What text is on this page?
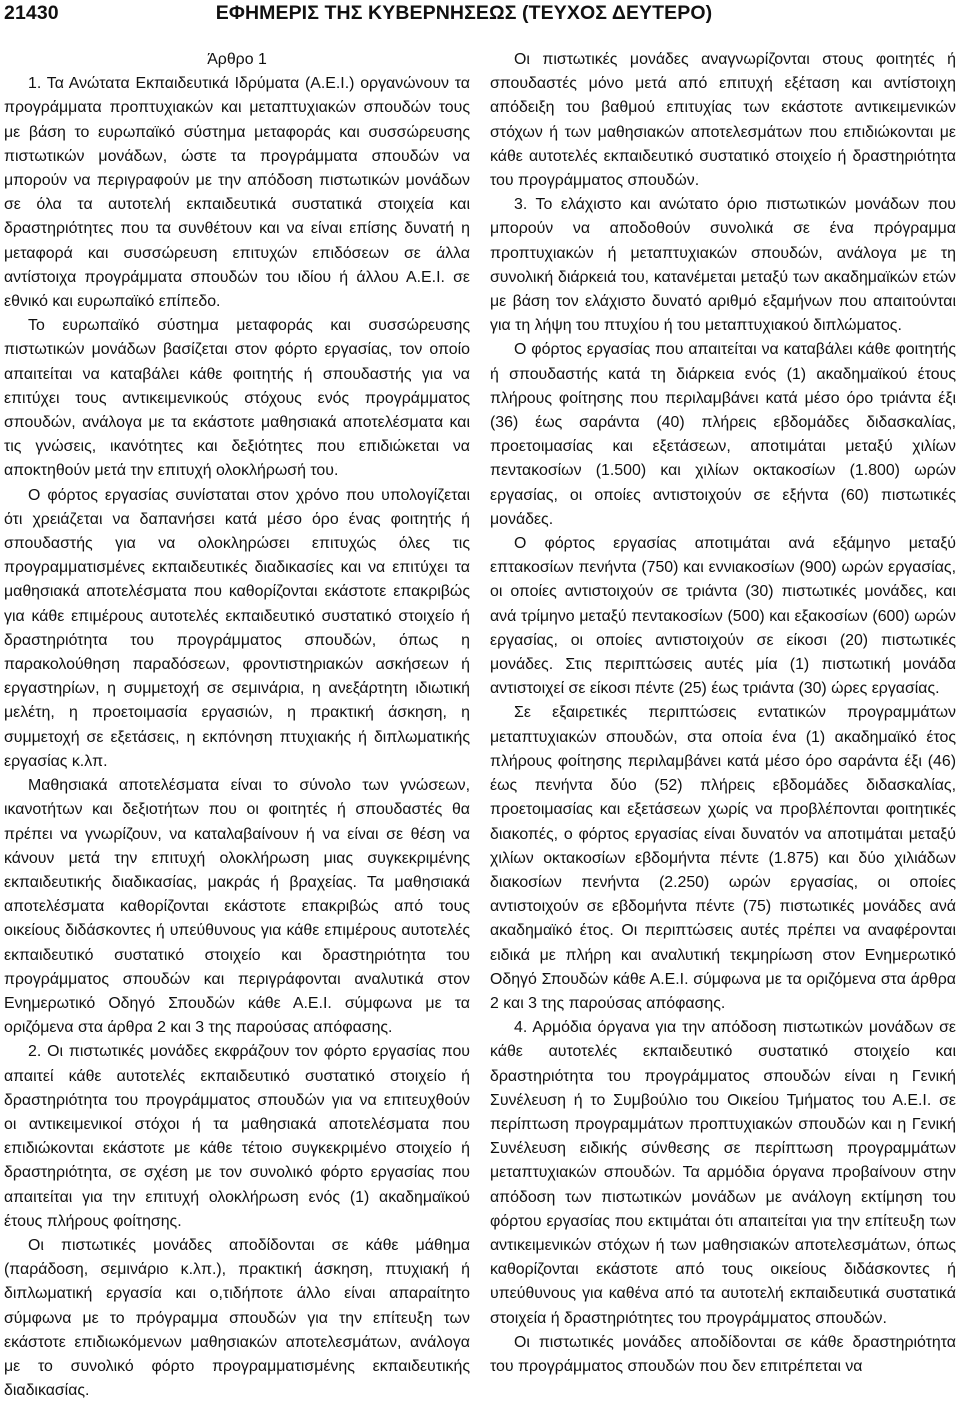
21430	ΕΦΗΜΕΡΙΣ ΤΗΣ ΚΥΒΕΡΝΗΣΕΩΣ (ΤΕΥΧΟΣ ΔΕΥΤΕΡΟ)
Άρθρο 1

1. Τα Ανώτατα Εκπαιδευτικά Ιδρύματα (Α.Ε.Ι.) οργανώνουν τα προγράμματα προπτυχιακών και μεταπτυχιακών σπουδών τους με βάση το ευρωπαϊκό σύστημα μεταφοράς και συσσώρευσης πιστωτικών μονάδων, ώστε τα προγράμματα σπουδών να μπορούν να περιγραφούν με την απόδοση πιστωτικών μονάδων σε όλα τα αυτοτελή εκπαιδευτικά συστατικά στοιχεία και δραστηριότητες που τα συνθέτουν και να είναι επίσης δυνατή η μεταφορά και συσσώρευση επιτυχών επιδόσεων σε άλλα αντίστοιχα προγράμματα σπουδών του ιδίου ή άλλου Α.Ε.Ι. σε εθνικό και ευρωπαϊκό επίπεδο.

Το ευρωπαϊκό σύστημα μεταφοράς και συσσώρευσης πιστωτικών μονάδων βασίζεται στον φόρτο εργασίας, τον οποίο απαιτείται να καταβάλει κάθε φοιτητής ή σπουδαστής για να επιτύχει τους αντικειμενικούς στόχους ενός προγράμματος σπουδών, ανάλογα με τα εκάστοτε μαθησιακά αποτελέσματα και τις γνώσεις, ικανότητες και δεξιότητες που επιδιώκεται να αποκτηθούν μετά την επιτυχή ολοκλήρωσή του.

Ο φόρτος εργασίας συνίσταται στον χρόνο που υπολογίζεται ότι χρειάζεται να δαπανήσει κατά μέσο όρο ένας φοιτητής ή σπουδαστής για να ολοκληρώσει επιτυχώς όλες τις προγραμματισμένες εκπαιδευτικές διαδικασίες και να επιτύχει τα μαθησιακά αποτελέσματα που καθορίζονται εκάστοτε επακριβώς για κάθε επιμέρους αυτοτελές εκπαιδευτικό συστατικό στοιχείο ή δραστηριότητα του προγράμματος σπουδών, όπως η παρακολούθηση παραδόσεων, φροντιστηριακών ασκήσεων ή εργαστηρίων, η συμμετοχή σε σεμινάρια, η ανεξάρτητη ιδιωτική μελέτη, η προετοιμασία εργασιών, η πρακτική άσκηση, η συμμετοχή σε εξετάσεις, η εκπόνηση πτυχιακής ή διπλωματικής εργασίας κ.λπ.

Μαθησιακά αποτελέσματα είναι το σύνολο των γνώσεων, ικανοτήτων και δεξιοτήτων που οι φοιτητές ή σπουδαστές θα πρέπει να γνωρίζουν, να καταλαβαίνουν ή να είναι σε θέση να κάνουν μετά την επιτυχή ολοκλήρωση μιας συγκεκριμένης εκπαιδευτικής διαδικασίας, μακράς ή βραχείας. Τα μαθησιακά αποτελέσματα καθορίζονται εκάστοτε επακριβώς από τους οικείους διδάσκοντες ή υπεύθυνους για κάθε επιμέρους αυτοτελές εκπαιδευτικό συστατικό στοιχείο και δραστηριότητα του προγράμματος σπουδών και περιγράφονται αναλυτικά στον Ενημερωτικό Οδηγό Σπουδών κάθε Α.Ε.Ι. σύμφωνα με τα οριζόμενα στα άρθρα 2 και 3 της παρούσας απόφασης.

2. Οι πιστωτικές μονάδες εκφράζουν τον φόρτο εργασίας που απαιτεί κάθε αυτοτελές εκπαιδευτικό συστατικό στοιχείο ή δραστηριότητα του προγράμματος σπουδών για να επιτευχθούν οι αντικειμενικοί στόχοι ή τα μαθησιακά αποτελέσματα που επιδιώκονται εκάστοτε με κάθε τέτοιο συγκεκριμένο στοιχείο ή δραστηριότητα, σε σχέση με τον συνολικό φόρτο εργασίας που απαιτείται για την επιτυχή ολοκλήρωση ενός (1) ακαδημαϊκού έτους πλήρους φοίτησης.

Οι πιστωτικές μονάδες αποδίδονται σε κάθε μάθημα (παράδοση, σεμινάριο κ.λπ.), πρακτική άσκηση, πτυχιακή ή διπλωματική εργασία και ο,τιδήποτε άλλο είναι απαραίτητο σύμφωνα με το πρόγραμμα σπουδών για την επίτευξη των εκάστοτε επιδιωκόμενων μαθησιακών αποτελεσμάτων, ανάλογα με το συνολικό φόρτο προγραμματισμένης εκπαιδευτικής διαδικασίας.

Οι πιστωτικές μονάδες αναγνωρίζονται στους φοιτητές ή σπουδαστές μόνο μετά από επιτυχή εξέταση και αντίστοιχη απόδειξη του βαθμού επιτυχίας των εκάστοτε αντικειμενικών στόχων ή των μαθησιακών αποτελεσμάτων που επιδιώκονται με κάθε αυτοτελές εκπαιδευτικό συστατικό στοιχείο ή δραστηριότητα του προγράμματος σπουδών.

3. Το ελάχιστο και ανώτατο όριο πιστωτικών μονάδων που μπορούν να αποδοθούν συνολικά σε ένα πρόγραμμα προπτυχιακών ή μεταπτυχιακών σπουδών, ανάλογα με τη συνολική διάρκειά του, κατανέμεται μεταξύ των ακαδημαϊκών ετών με βάση τον ελάχιστο δυνατό αριθμό εξαμήνων που απαιτούνται για τη λήψη του πτυχίου ή του μεταπτυχιακού διπλώματος.

Ο φόρτος εργασίας που απαιτείται να καταβάλει κάθε φοιτητής ή σπουδαστής κατά τη διάρκεια ενός (1) ακαδημαϊκού έτους πλήρους φοίτησης που περιλαμβάνει κατά μέσο όρο τριάντα έξι (36) έως σαράντα (40) πλήρεις εβδομάδες διδασκαλίας, προετοιμασίας και εξετάσεων, αποτιμάται μεταξύ χιλίων πεντακοσίων (1.500) και χιλίων οκτακοσίων (1.800) ωρών εργασίας, οι οποίες αντιστοιχούν σε εξήντα (60) πιστωτικές μονάδες.

Ο φόρτος εργασίας αποτιμάται ανά εξάμηνο μεταξύ επτακοσίων πενήντα (750) και εννιακοσίων (900) ωρών εργασίας, οι οποίες αντιστοιχούν σε τριάντα (30) πιστωτικές μονάδες, και ανά τρίμηνο μεταξύ πεντακοσίων (500) και εξακοσίων (600) ωρών εργασίας, οι οποίες αντιστοιχούν σε είκοσι (20) πιστωτικές μονάδες. Στις περιπτώσεις αυτές μία (1) πιστωτική μονάδα αντιστοιχεί σε είκοσι πέντε (25) έως τριάντα (30) ώρες εργασίας.

Σε εξαιρετικές περιπτώσεις εντατικών προγραμμάτων μεταπτυχιακών σπουδών, στα οποία ένα (1) ακαδημαϊκό έτος πλήρους φοίτησης περιλαμβάνει κατά μέσο όρο σαράντα έξι (46) έως πενήντα δύο (52) πλήρεις εβδομάδες διδασκαλίας, προετοιμασίας και εξετάσεων χωρίς να προβλέπονται φοιτητικές διακοπές, ο φόρτος εργασίας είναι δυνατόν να αποτιμάται μεταξύ χιλίων οκτακοσίων εβδομήντα πέντε (1.875) και δύο χιλιάδων διακοσίων πενήντα (2.250) ωρών εργασίας, οι οποίες αντιστοιχούν σε εβδομήντα πέντε (75) πιστωτικές μονάδες ανά ακαδημαϊκό έτος. Οι περιπτώσεις αυτές πρέπει να αναφέρονται ειδικά με πλήρη και αναλυτική τεκμηρίωση στον Ενημερωτικό Οδηγό Σπουδών κάθε Α.Ε.Ι. σύμφωνα με τα οριζόμενα στα άρθρα 2 και 3 της παρούσας απόφασης.

4. Αρμόδια όργανα για την απόδοση πιστωτικών μονάδων σε κάθε αυτοτελές εκπαιδευτικό συστατικό στοιχείο και δραστηριότητα του προγράμματος σπουδών είναι η Γενική Συνέλευση ή το Συμβούλιο του Οικείου Τμήματος του Α.Ε.Ι. σε περίπτωση προγραμμάτων προπτυχιακών σπουδών και η Γενική Συνέλευση ειδικής σύνθεσης σε περίπτωση προγραμμάτων μεταπτυχιακών σπουδών. Τα αρμόδια όργανα προβαίνουν στην απόδοση των πιστωτικών μονάδων με ανάλογη εκτίμηση του φόρτου εργασίας που εκτιμάται ότι απαιτείται για την επίτευξη των αντικειμενικών στόχων ή των μαθησιακών αποτελεσμάτων, όπως καθορίζονται εκάστοτε από τους οικείους διδάσκοντες ή υπεύθυνους για καθένα από τα αυτοτελή εκπαιδευτικά συστατικά στοιχεία ή δραστηριότητες του προγράμματος σπουδών.

Οι πιστωτικές μονάδες αποδίδονται σε κάθε δραστηριότητα του προγράμματος σπουδών που δεν επιτρέπεται να
